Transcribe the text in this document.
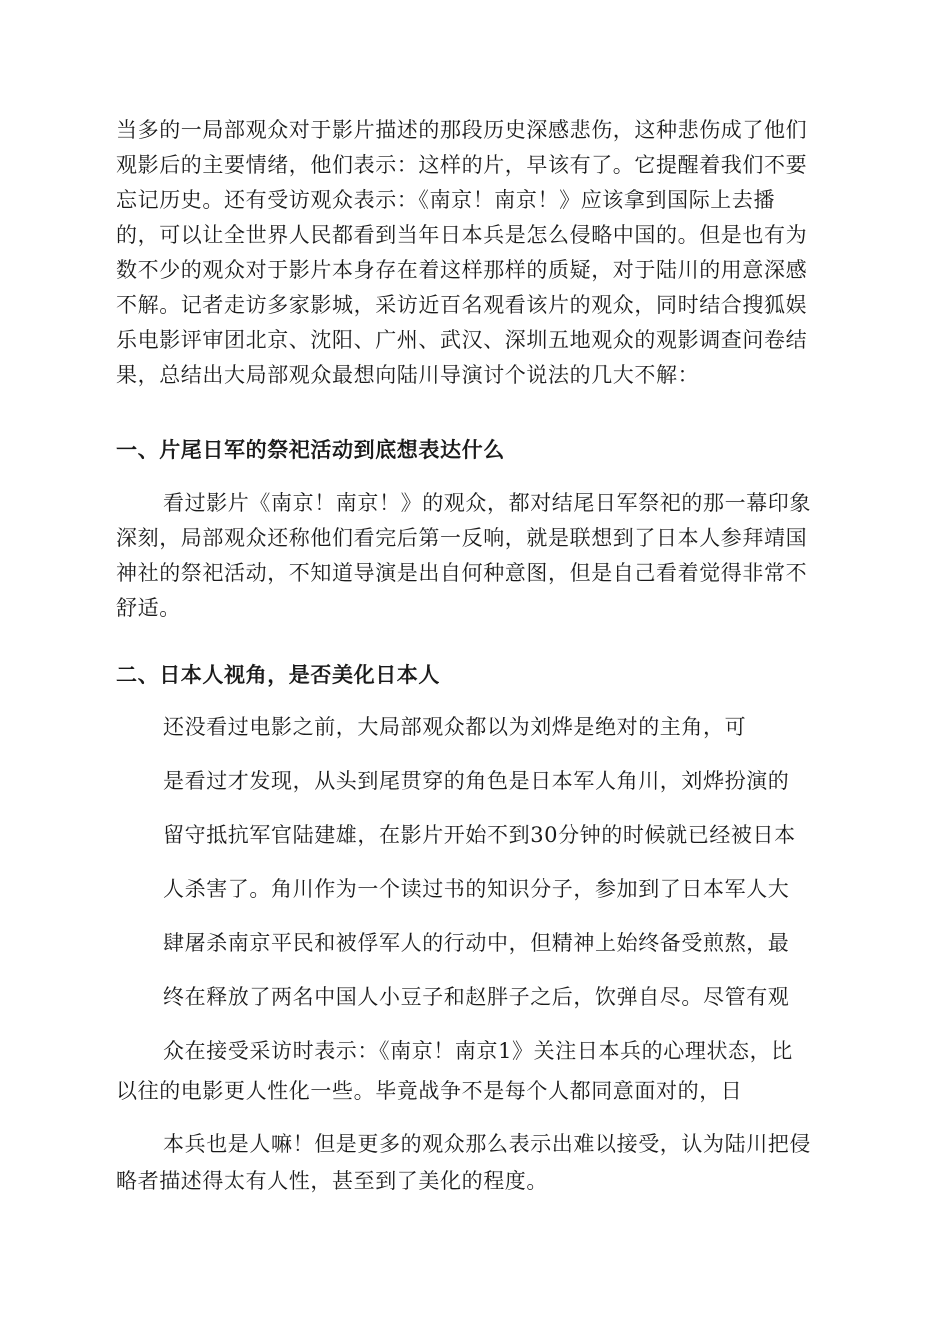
当多的一局部观众对于影片描述的那段历史深感悲伤，这种悲伤成了他们
观影后的主要情绪，他们表示：这样的片，早该有了。它提醒着我们不要
忘记历史。还有受访观众表示：《南京！南京！》应该拿到国际上去播
的，可以让全世界人民都看到当年日本兵是怎么侵略中国的。但是也有为
数不少的观众对于影片本身存在着这样那样的质疑，对于陆川的用意深感
不解。记者走访多家影城，采访近百名观看该片的观众，同时结合搜狐娱
乐电影评审团北京、沈阳、广州、武汉、深圳五地观众的观影调查问卷结
果，总结出大局部观众最想向陆川导演讨个说法的几大不解：
一、片尾日军的祭祀活动到底想表达什么
看过影片《南京！南京！》的观众，都对结尾日军祭祀的那一幕印象
深刻，局部观众还称他们看完后第一反响，就是联想到了日本人参拜靖国
神社的祭祀活动，不知道导演是出自何种意图，但是自己看着觉得非常不
舒适。
二、日本人视角，是否美化日本人
还没看过电影之前，大局部观众都以为刘烨是绝对的主角，可
是看过才发现，从头到尾贯穿的角色是日本军人角川，刘烨扮演的
留守抵抗军官陆建雄，在影片开始不到30分钟的时候就已经被日本
人杀害了。角川作为一个读过书的知识分子，参加到了日本军人大
肆屠杀南京平民和被俘军人的行动中，但精神上始终备受煎熬，最
终在释放了两名中国人小豆子和赵胖子之后，饮弹自尽。尽管有观
众在接受采访时表示：《南京！南京1》关注日本兵的心理状态，比
以往的电影更人性化一些。毕竟战争不是每个人都同意面对的，日
本兵也是人嘛！但是更多的观众那么表示出难以接受，认为陆川把侵
略者描述得太有人性，甚至到了美化的程度。
